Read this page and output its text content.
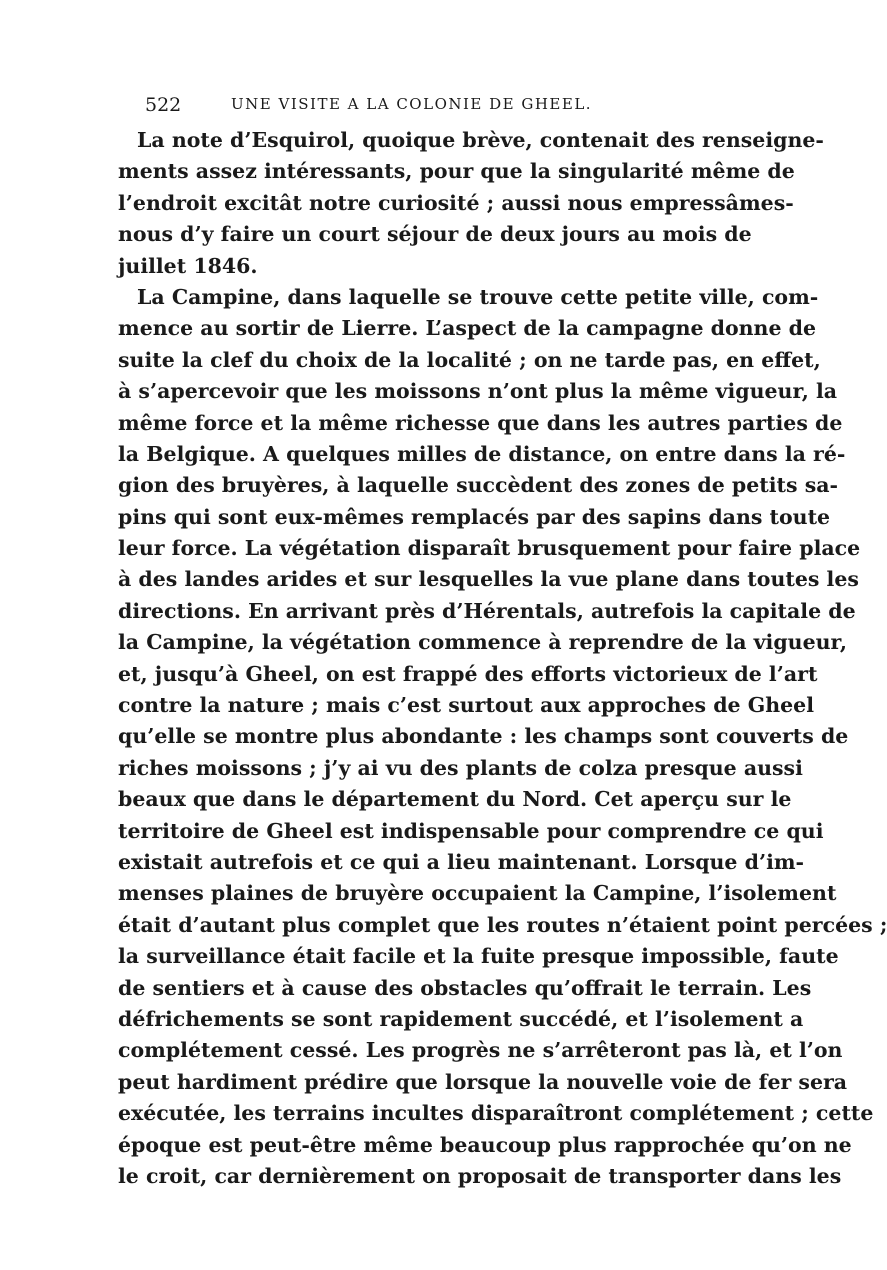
522	UNE VISITE A LA COLONIE DE GHEEL.
La note d’Esquirol, quoique brève, contenait des renseigne-
ments assez intéressants, pour que la singularité même de
l’endroit excitât notre curiosité ; aussi nous empressâmes-
nous d’y faire un court séjour de deux jours au mois de
juillet 1846.
La Campine, dans laquelle se trouve cette petite ville, com-
mence au sortir de Lierre. L’aspect de la campagne donne de
suite la clef du choix de la localité ; on ne tarde pas, en effet,
à s’apercevoir que les moissons n’ont plus la même vigueur, la
même force et la même richesse que dans les autres parties de
la Belgique. A quelques milles de distance, on entre dans la ré-
gion des bruyères, à laquelle succèdent des zones de petits sa-
pins qui sont eux-mêmes remplacés par des sapins dans toute
leur force. La végétation disparaît brusquement pour faire place
à des landes arides et sur lesquelles la vue plane dans toutes les
directions. En arrivant près d’Hérentals, autrefois la capitale de
la Campine, la végétation commence à reprendre de la vigueur,
et, jusqu’à Gheel, on est frappé des efforts victorieux de l’art
contre la nature ; mais c’est surtout aux approches de Gheel
qu’elle se montre plus abondante : les champs sont couverts de
riches moissons ; j’y ai vu des plants de colza presque aussi
beaux que dans le département du Nord. Cet aperçu sur le
territoire de Gheel est indispensable pour comprendre ce qui
existait autrefois et ce qui a lieu maintenant. Lorsque d’im-
menses plaines de bruyère occupaient la Campine, l’isolement
était d’autant plus complet que les routes n’étaient point percées ;
la surveillance était facile et la fuite presque impossible, faute
de sentiers et à cause des obstacles qu’offrait le terrain. Les
défrichements se sont rapidement succédé, et l’isolement a
complétement cessé. Les progrès ne s’arrêteront pas là, et l’on
peut hardiment prédire que lorsque la nouvelle voie de fer sera
exécutée, les terrains incultes disparaîtront complétement ; cette
époque est peut-être même beaucoup plus rapprochée qu’on ne
le croit, car dernièrement on proposait de transporter dans les
